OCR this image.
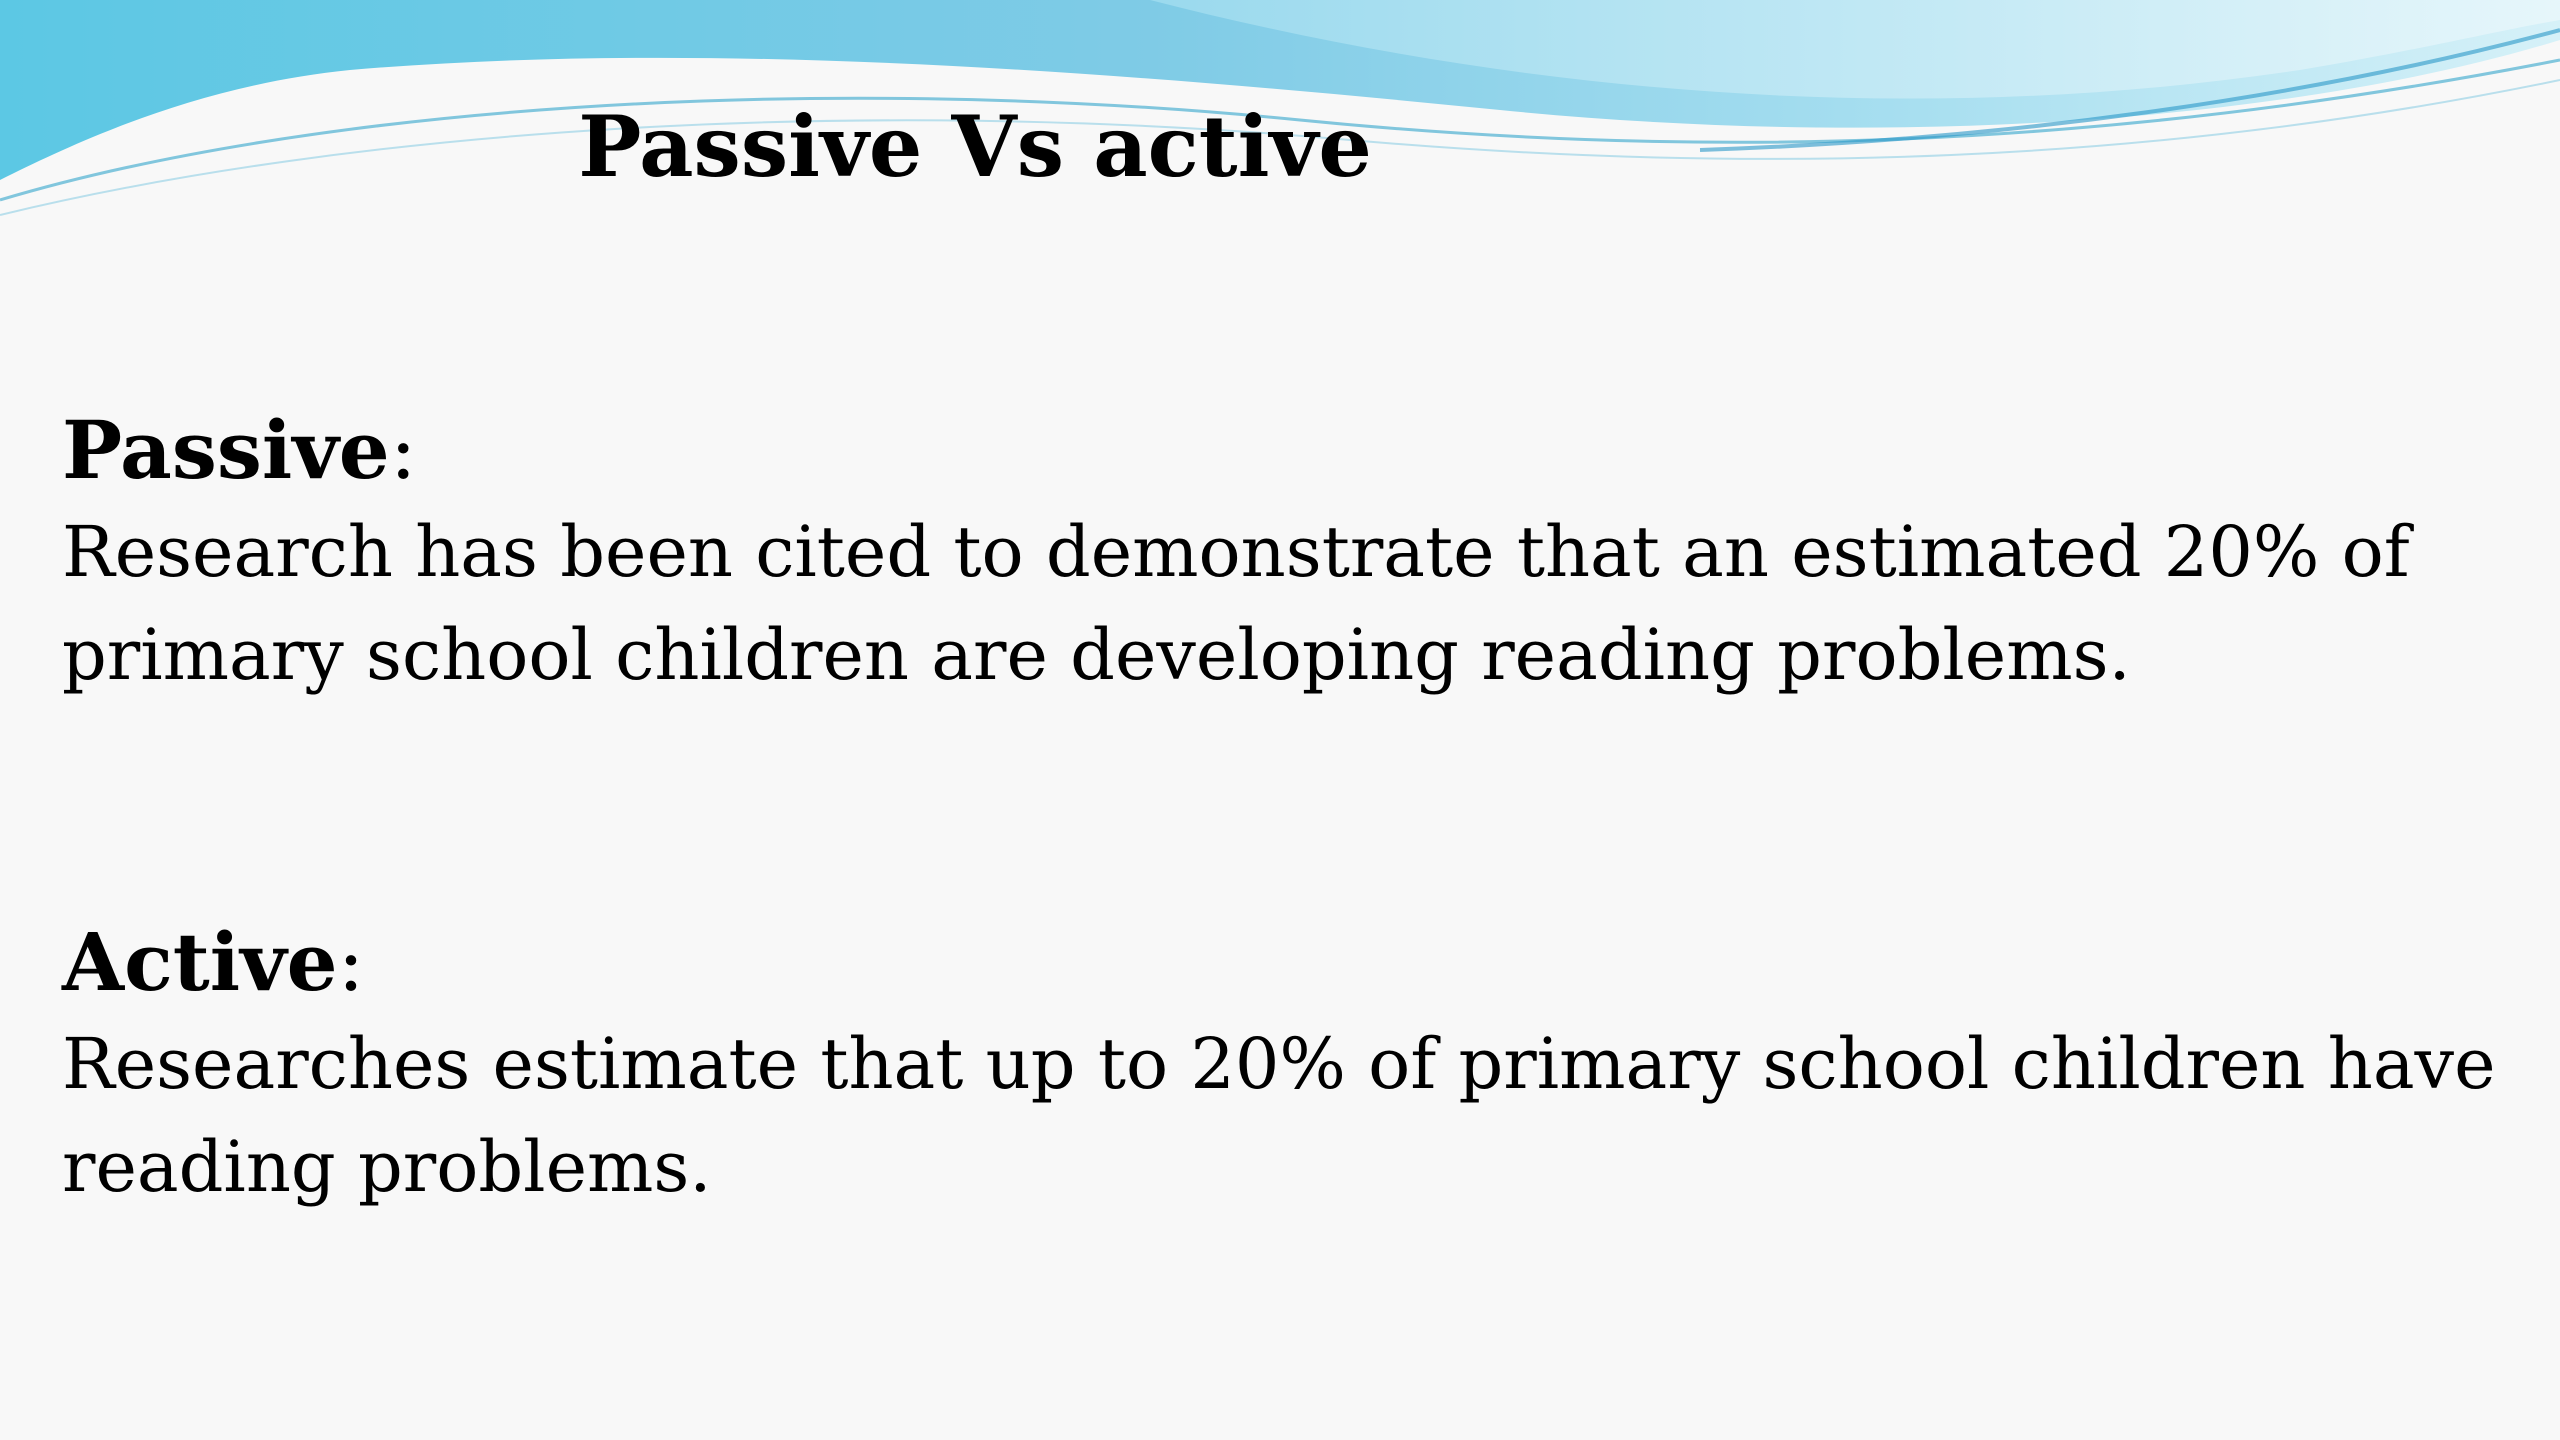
Passive Vs active
Passive:
Research has been cited to demonstrate that an estimated 20% of primary school children are developing reading problems.
Active:
Researches estimate that up to 20% of primary school children have reading problems.
